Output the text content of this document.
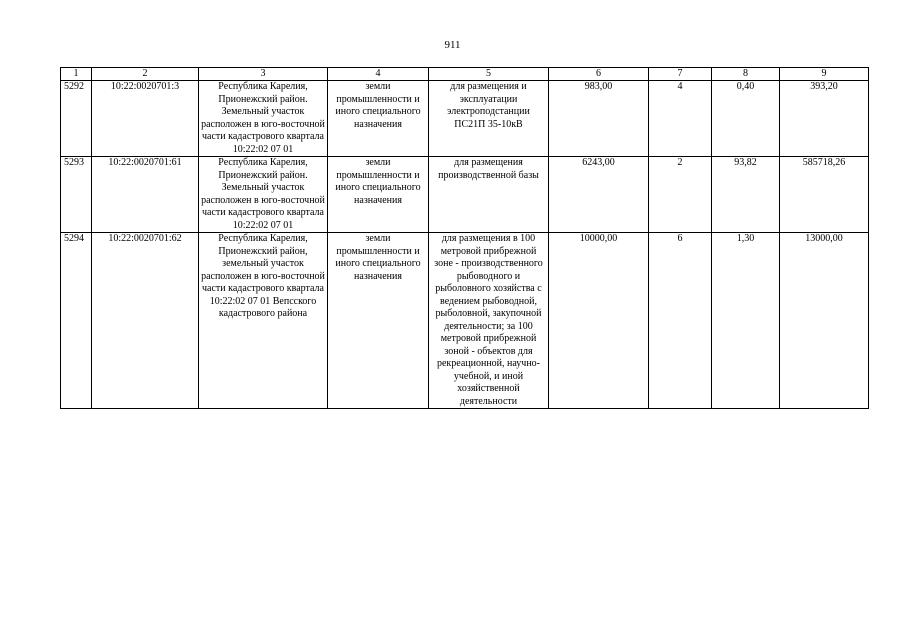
911
1	2	3	4	5	6	7	8	9
5292	10:22:0020701:3	Республика Карелия, Прионежский район. Земельный участок расположен в юго-восточной части кадастрового квартала 10:22:02 07 01	земли промышленности и иного специального назначения	для размещения и эксплуатации электроподстанции ПС21П 35-10кВ	983,00	4	0,40	393,20
5293	10:22:0020701:61	Республика Карелия, Прионежский район. Земельный участок расположен в юго-восточной части кадастрового квартала 10:22:02 07 01	земли промышленности и иного специального назначения	для размещения производственной базы	6243,00	2	93,82	585718,26
5294	10:22:0020701:62	Республика Карелия, Прионежский район, земельный участок расположен в юго-восточной части кадастрового квартала 10:22:02 07 01 Вепсского кадастрового района	земли промышленности и иного специального назначения	для размещения в 100 метровой прибрежной зоне - производственного рыбоводного и рыболовного хозяйства с ведением рыбоводной, рыболовной, закупочной деятельности; за 100 метровой прибрежной зоной - объектов для рекреационной, научно-учебной, и иной хозяйственной деятельности	10000,00	6	1,30	13000,00
